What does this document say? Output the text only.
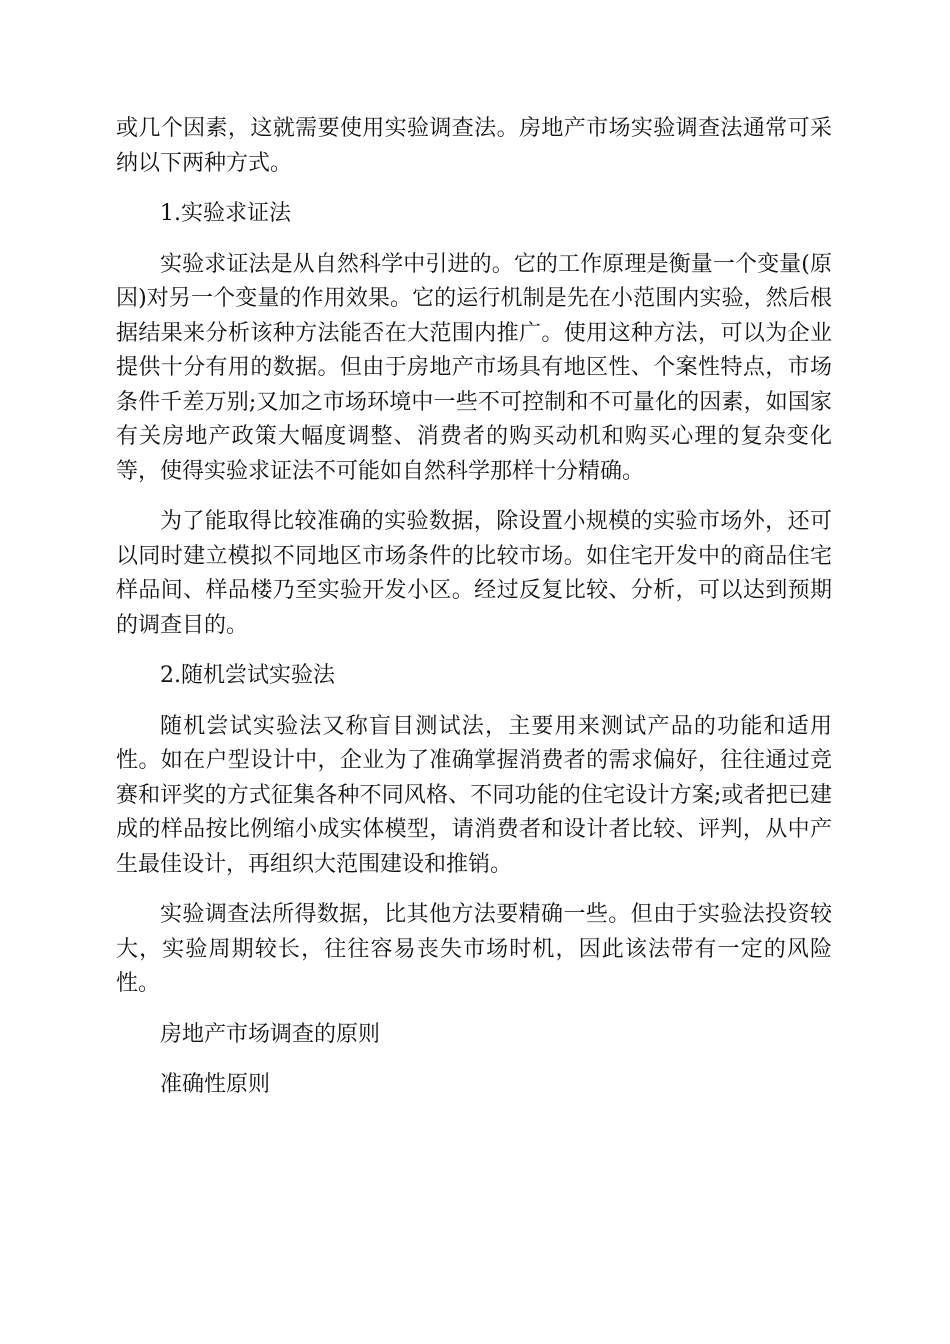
或几个因素，这就需要使用实验调查法。房地产市场实验调查法通常可采纳以下两种方式。

1.实验求证法

实验求证法是从自然科学中引进的。它的工作原理是衡量一个变量(原因)对另一个变量的作用效果。它的运行机制是先在小范围内实验，然后根据结果来分析该种方法能否在大范围内推广。使用这种方法，可以为企业提供十分有用的数据。但由于房地产市场具有地区性、个案性特点，市场条件千差万别;又加之市场环境中一些不可控制和不可量化的因素，如国家有关房地产政策大幅度调整、消费者的购买动机和购买心理的复杂变化等，使得实验求证法不可能如自然科学那样十分精确。

为了能取得比较准确的实验数据，除设置小规模的实验市场外，还可以同时建立模拟不同地区市场条件的比较市场。如住宅开发中的商品住宅样品间、样品楼乃至实验开发小区。经过反复比较、分析，可以达到预期的调查目的。

2.随机尝试实验法

随机尝试实验法又称盲目测试法，主要用来测试产品的功能和适用性。如在户型设计中，企业为了准确掌握消费者的需求偏好，往往通过竞赛和评奖的方式征集各种不同风格、不同功能的住宅设计方案;或者把已建成的样品按比例缩小成实体模型，请消费者和设计者比较、评判，从中产生最佳设计，再组织大范围建设和推销。

实验调查法所得数据，比其他方法要精确一些。但由于实验法投资较大，实验周期较长，往往容易丧失市场时机，因此该法带有一定的风险性。

房地产市场调查的原则

准确性原则
